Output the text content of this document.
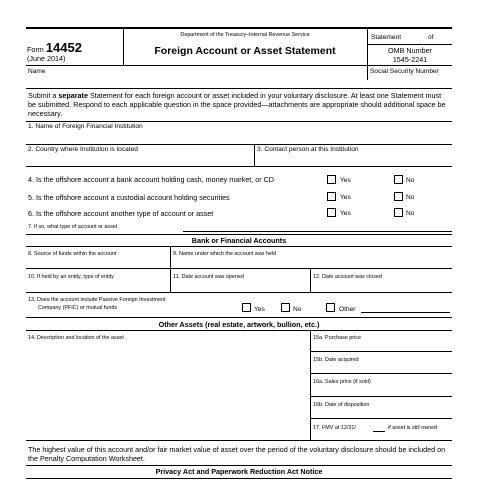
Form 14452
(June 2014)
Department of the Treasury–Internal Revenue Service
Foreign Account or Asset Statement
Statement	of
OMB Number
1545-2241
Name	Social Security Number
Submit a separate Statement for each foreign account or asset included in your voluntary disclosure. At least one Statement must be submitted. Respond to each applicable question in the space provided—attachments are appropriate should additional space be necessary.
1. Name of Foreign Financial Institution
2. Country where Institution is located	3. Contact person at this Institution
4. Is the offshore account a bank account holding cash, money market, or CD	Yes	No
5. Is the offshore account a custodial account holding securities	Yes	No
6. Is the offshore account another type of account or asset	Yes	No
7. If so, what type of account or asset
Bank or Financial Accounts
8. Source of funds within the account	9. Name under which the account was held
10. If held by an entity, type of entity	11. Date account was opened	12. Date account was closed
13. Does the account include Passive Foreign Investment
Company (PFIC) or mutual funds	Yes	No	Other
Other Assets (real estate, artwork, bullion, etc.)
14. Description and location of the asset	15a. Purchase price
15b. Date acquired
16a. Sales price (if sold)
16b. Date of disposition
17. FMV at 12/31/	if asset is still owned
The highest value of this account and/or fair market value of asset over the period of the voluntary disclosure should be included on the Penalty Computation Worksheet.
Privacy Act and Paperwork Reduction Act Notice
